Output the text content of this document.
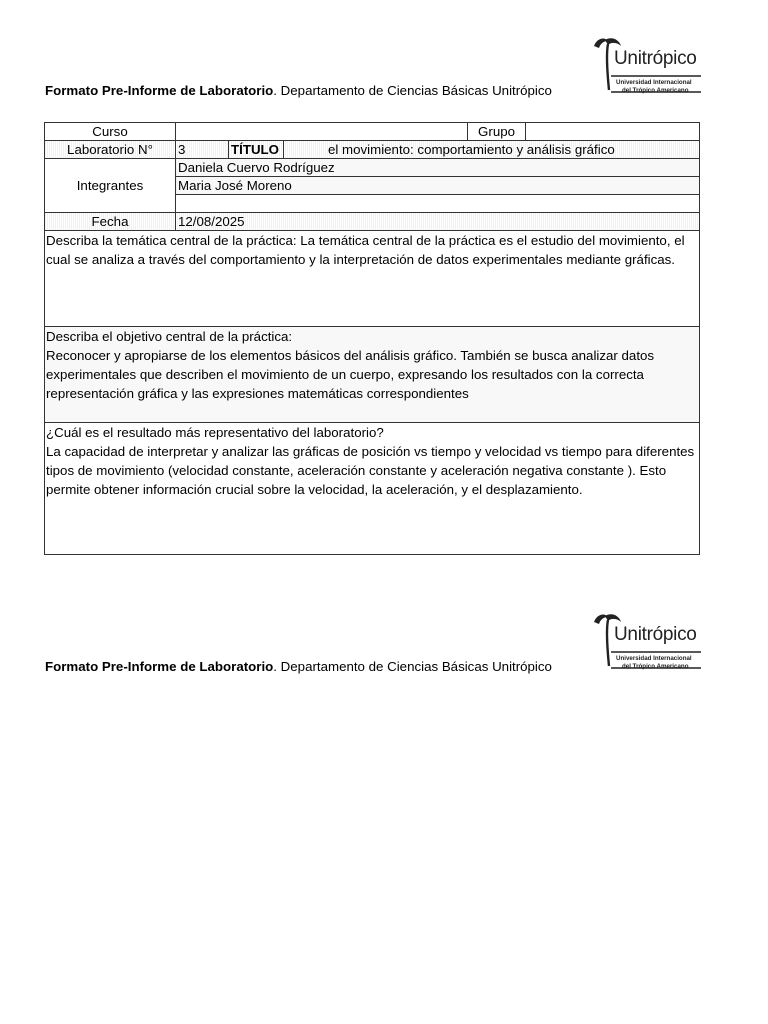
Formato Pre-Informe de Laboratorio. Departamento de Ciencias Básicas Unitrópico
Unitrópico
Universidad Internacional
del Trópico Americano
Curso				Grupo	
Laboratorio N°	3	TÍTULO	el movimiento: comportamiento y análisis gráfico		
Integrantes	Daniela Cuervo Rodríguez				
	Maria José Moreno				

Fecha	12/08/2025				
Describa la temática central de la práctica: La temática central de la práctica es el estudio del movimiento, el cual se analiza a través del comportamiento y la interpretación de datos experimentales mediante gráficas.					

Describa el objetivo central de la práctica:
Reconocer y apropiarse de los elementos básicos del análisis gráfico. También se busca analizar datos experimentales que describen el movimiento de un cuerpo, expresando los resultados con la correcta representación gráfica y las expresiones matemáticas correspondientes					

¿Cuál es el resultado más representativo del laboratorio?
La capacidad de interpretar y analizar las gráficas de posición vs tiempo y velocidad vs tiempo para diferentes tipos de movimiento (velocidad constante, aceleración constante y aceleración negativa constante ). Esto permite obtener información crucial sobre la velocidad, la aceleración, y el desplazamiento.					
Formato Pre-Informe de Laboratorio. Departamento de Ciencias Básicas Unitrópico
Unitrópico
Universidad Internacional
del Trópico Americano
